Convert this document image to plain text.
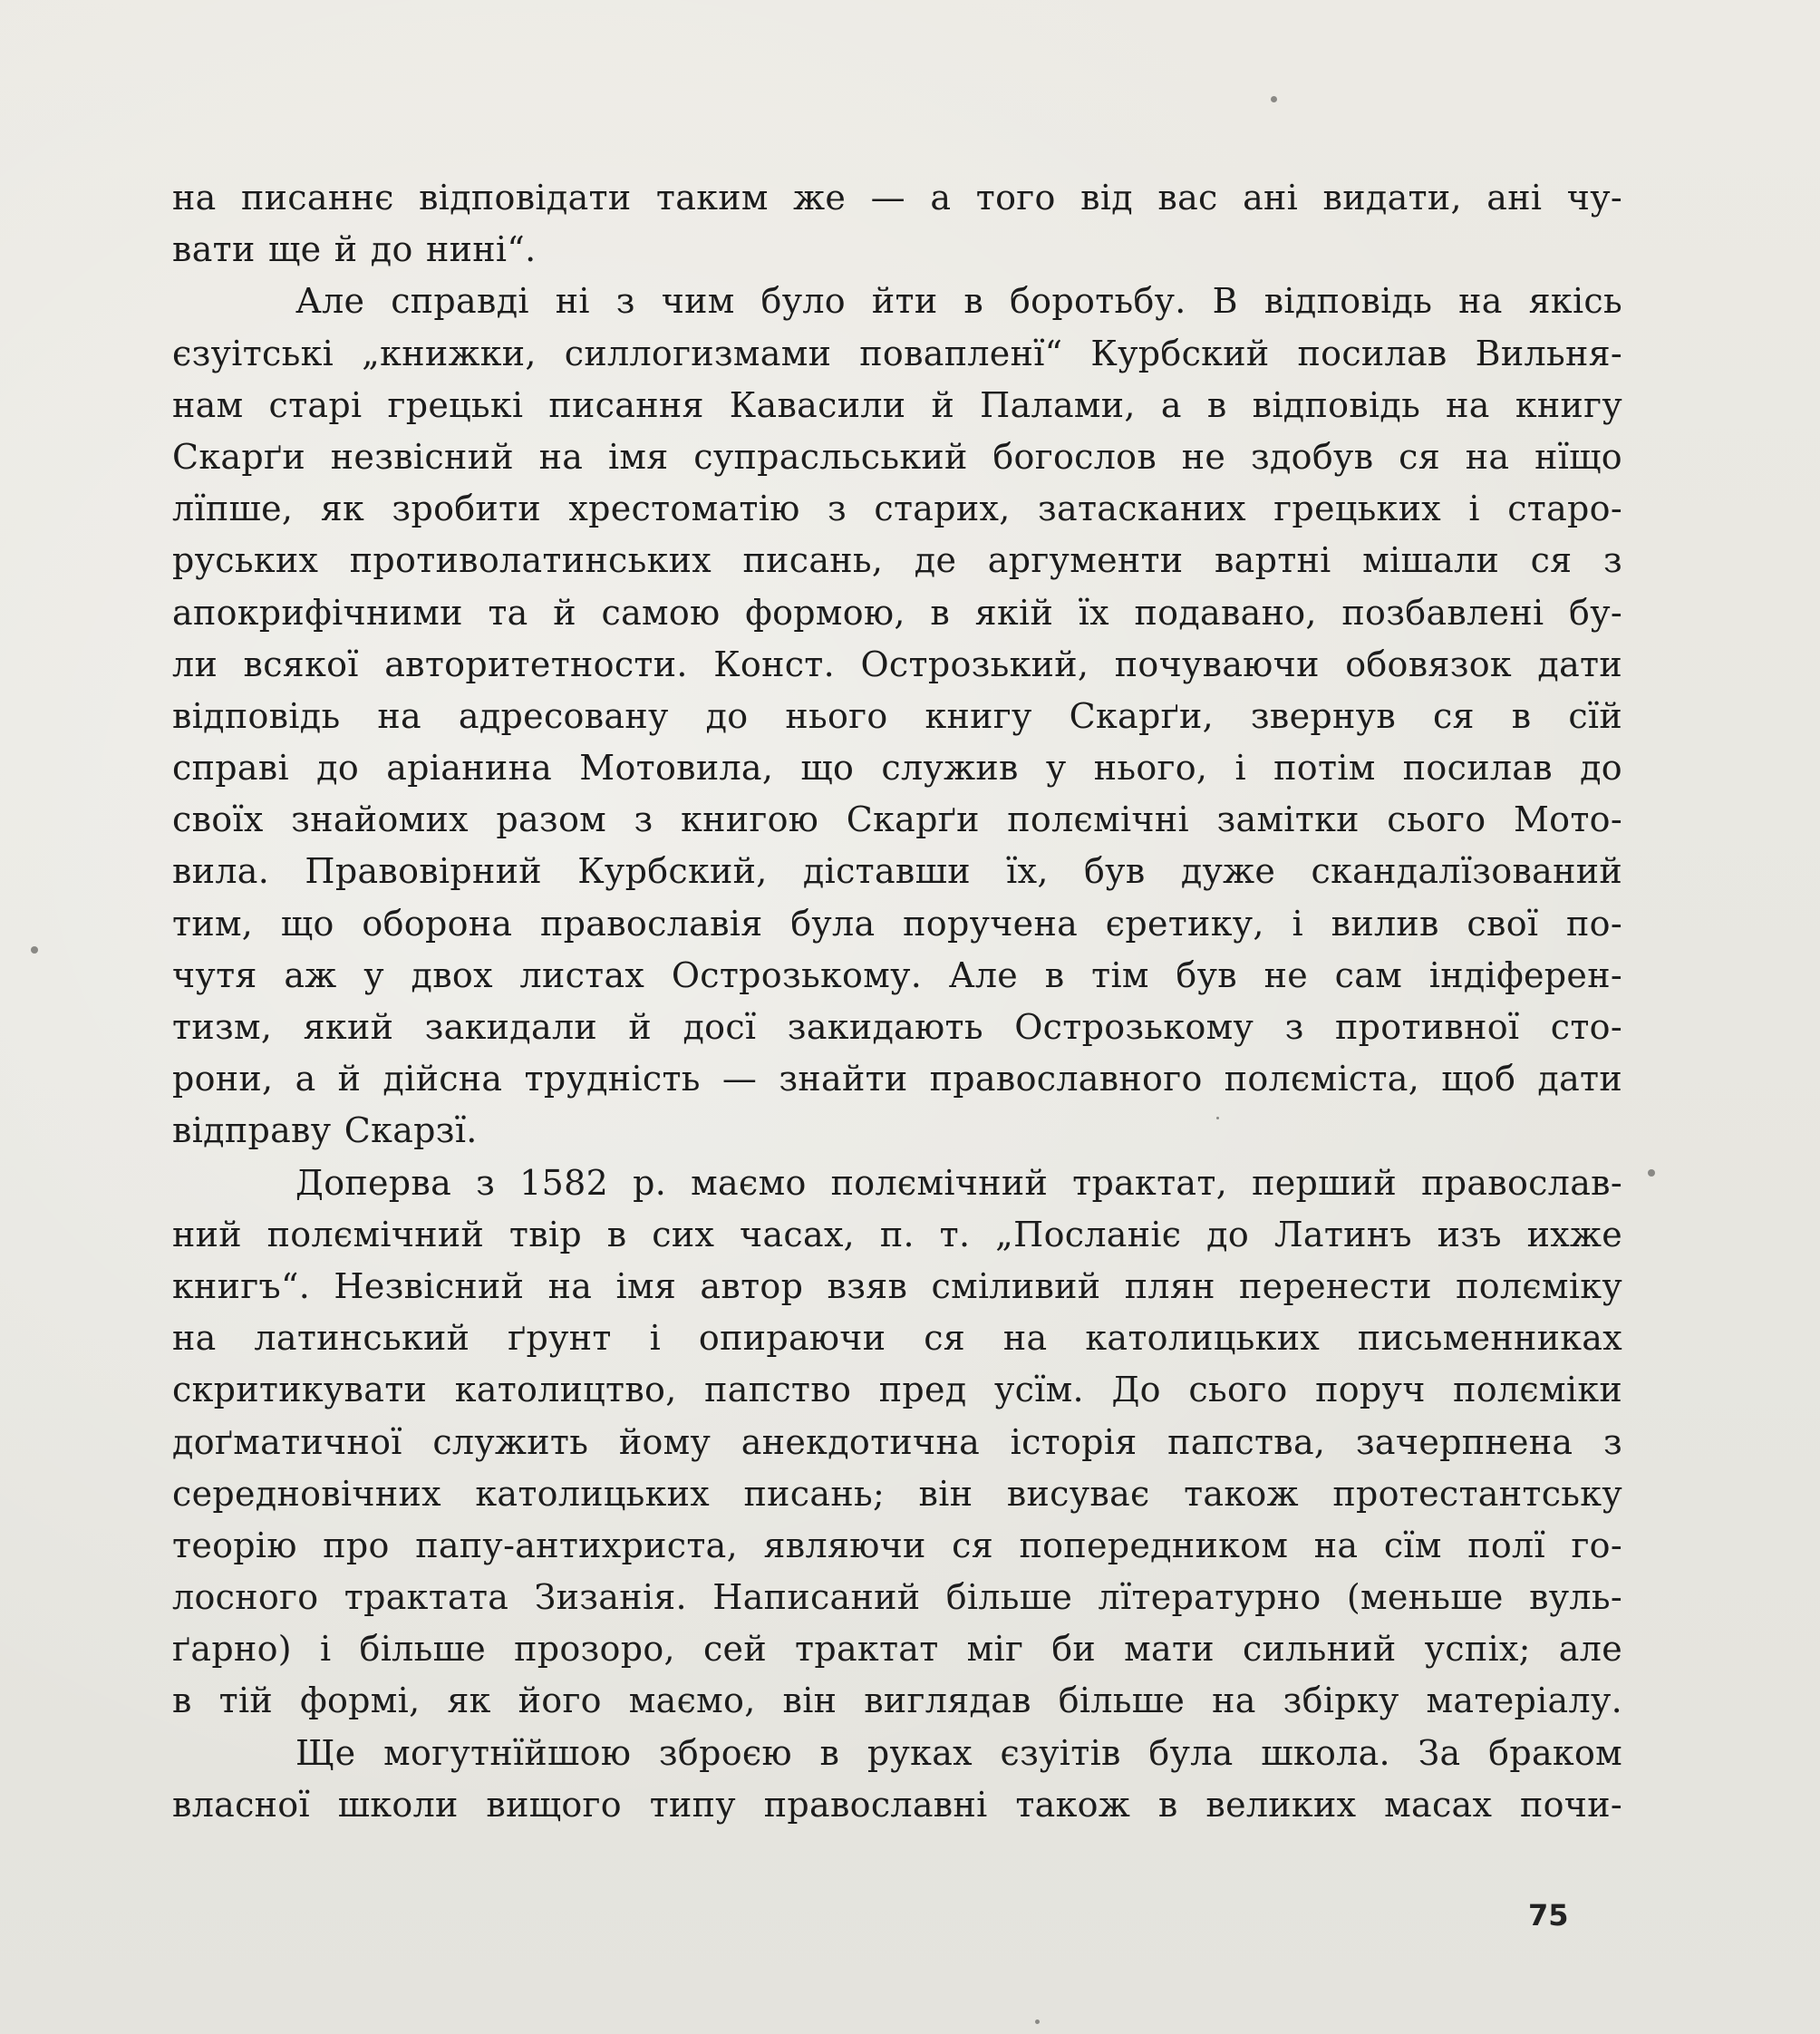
на писаннє відповідати таким же — а того від вас ані видати, ані чу-
вати ще й до нині“.
Але справді ні з чим було йти в боротьбу. В відповідь на якісь
єзуітські „книжки, силлогизмами повапленї“ Курбский посилав Вильня-
нам старі грецькі писання Кавасили й Палами, а в відповідь на книгу
Скарґи незвісний на імя супрасльський богослов не здобув ся на нїщо
лїпше, як зробити хрестоматію з старих, затасканих грецьких і старо-
руських противолатинських писань, де аргументи вартні мішали ся з
апокрифічними та й самою формою, в якій їх подавано, позбавлені бу-
ли всякої авторитетности. Конст. Острозький, почуваючи обовязок дати
відповідь на адресовану до нього книгу Скарґи, звернув ся в сїй
справі до аріанина Мотовила, що служив у нього, і потім посилав до
своїх знайомих разом з книгою Скарґи полємічні замітки сього Мото-
вила. Правовірний Курбский, діставши їх, був дуже скандалїзований
тим, що оборона православія була поручена єретику, і вилив свої по-
чутя аж у двох листах Острозькому. Але в тім був не сам індіферен-
тизм, який закидали й досї закидають Острозькому з противної сто-
рони, а й дійсна трудність — знайти православного полєміста, щоб дати
відправу Скарзї.
Доперва з 1582 р. маємо полємічний трактат, перший православ-
ний полємічний твір в сих часах, п. т. „Посланіє до Латинъ изъ ихже
книгъ“. Незвісний на імя автор взяв сміливий плян перенести полєміку
на латинський ґрунт і опираючи ся на католицьких письменниках
скритикувати католицтво, папство пред усїм. До сього поруч полєміки
доґматичної служить йому анекдотична історія папства, зачерпнена з
середновічних католицьких писань; він висуває також протестантську
теорію про папу-антихриста, являючи ся попередником на сїм полї го-
лосного трактата Зизанія. Написаний більше лїтературно (меньше вуль-
ґарно) і більше прозоро, сей трактат міг би мати сильний успіх; але
в тій формі, як його маємо, він виглядав більше на збірку матеріалу.
Ще могутнїйшою зброєю в руках єзуітів була школа. За браком
власної школи вищого типу православні також в великих масах почи-
75
